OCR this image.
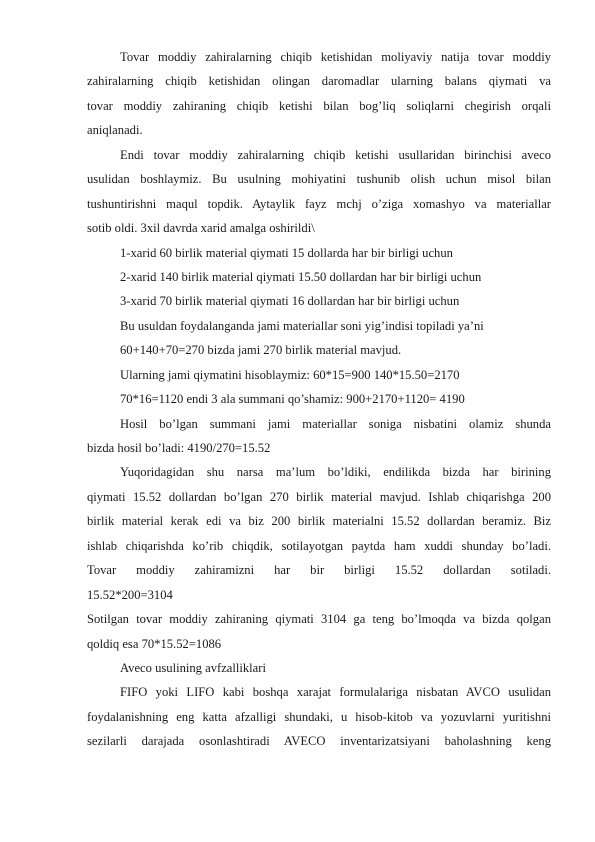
Tovar moddiy zahiralarning chiqib ketishidan moliyaviy natija tovar moddiy
zahiralarning chiqib ketishidan olingan daromadlar ularning balans qiymati va
tovar moddiy zahiraning chiqib ketishi bilan bog’liq soliqlarni chegirish orqali
aniqlanadi.
Endi tovar moddiy zahiralarning chiqib ketishi usullaridan birinchisi aveco
usulidan boshlaymiz. Bu usulning mohiyatini tushunib olish uchun misol bilan
tushuntirishni maqul topdik. Aytaylik fayz mchj o’ziga xomashyo va materiallar
sotib oldi. 3xil davrda xarid amalga oshirildi\
1-xarid 60 birlik material qiymati 15 dollarda har bir birligi uchun
2-xarid 140 birlik material qiymati 15.50 dollardan har bir birligi uchun
3-xarid 70 birlik material qiymati 16 dollardan har bir birligi uchun
Bu usuldan foydalanganda jami materiallar soni yig’indisi topiladi ya’ni
60+140+70=270 bizda jami 270 birlik material mavjud.
Ularning jami qiymatini hisoblaymiz: 60*15=900 140*15.50=2170
70*16=1120 endi 3 ala summani qo’shamiz: 900+2170+1120= 4190
Hosil bo’lgan summani jami materiallar soniga nisbatini olamiz shunda
bizda hosil bo’ladi: 4190/270=15.52
Yuqoridagidan shu narsa ma’lum bo’ldiki, endilikda bizda har birining
qiymati 15.52 dollardan bo’lgan 270 birlik material mavjud. Ishlab chiqarishga 200
birlik material kerak edi va biz 200 birlik materialni 15.52 dollardan beramiz. Biz
ishlab chiqarishda ko’rib chiqdik, sotilayotgan paytda ham xuddi shunday bo’ladi.
Tovar moddiy zahiramizni har bir birligi 15.52 dollardan sotiladi.
15.52*200=3104
Sotilgan tovar moddiy zahiraning qiymati 3104 ga teng bo’lmoqda va bizda qolgan
qoldiq esa 70*15.52=1086
Aveco usulining avfzalliklari
FIFO yoki LIFO kabi boshqa xarajat formulalariga nisbatan AVCO usulidan
foydalanishning eng katta afzalligi shundaki, u hisob-kitob va yozuvlarni yuritishni
sezilarli darajada osonlashtiradi AVECO inventarizatsiyani baholashning keng
